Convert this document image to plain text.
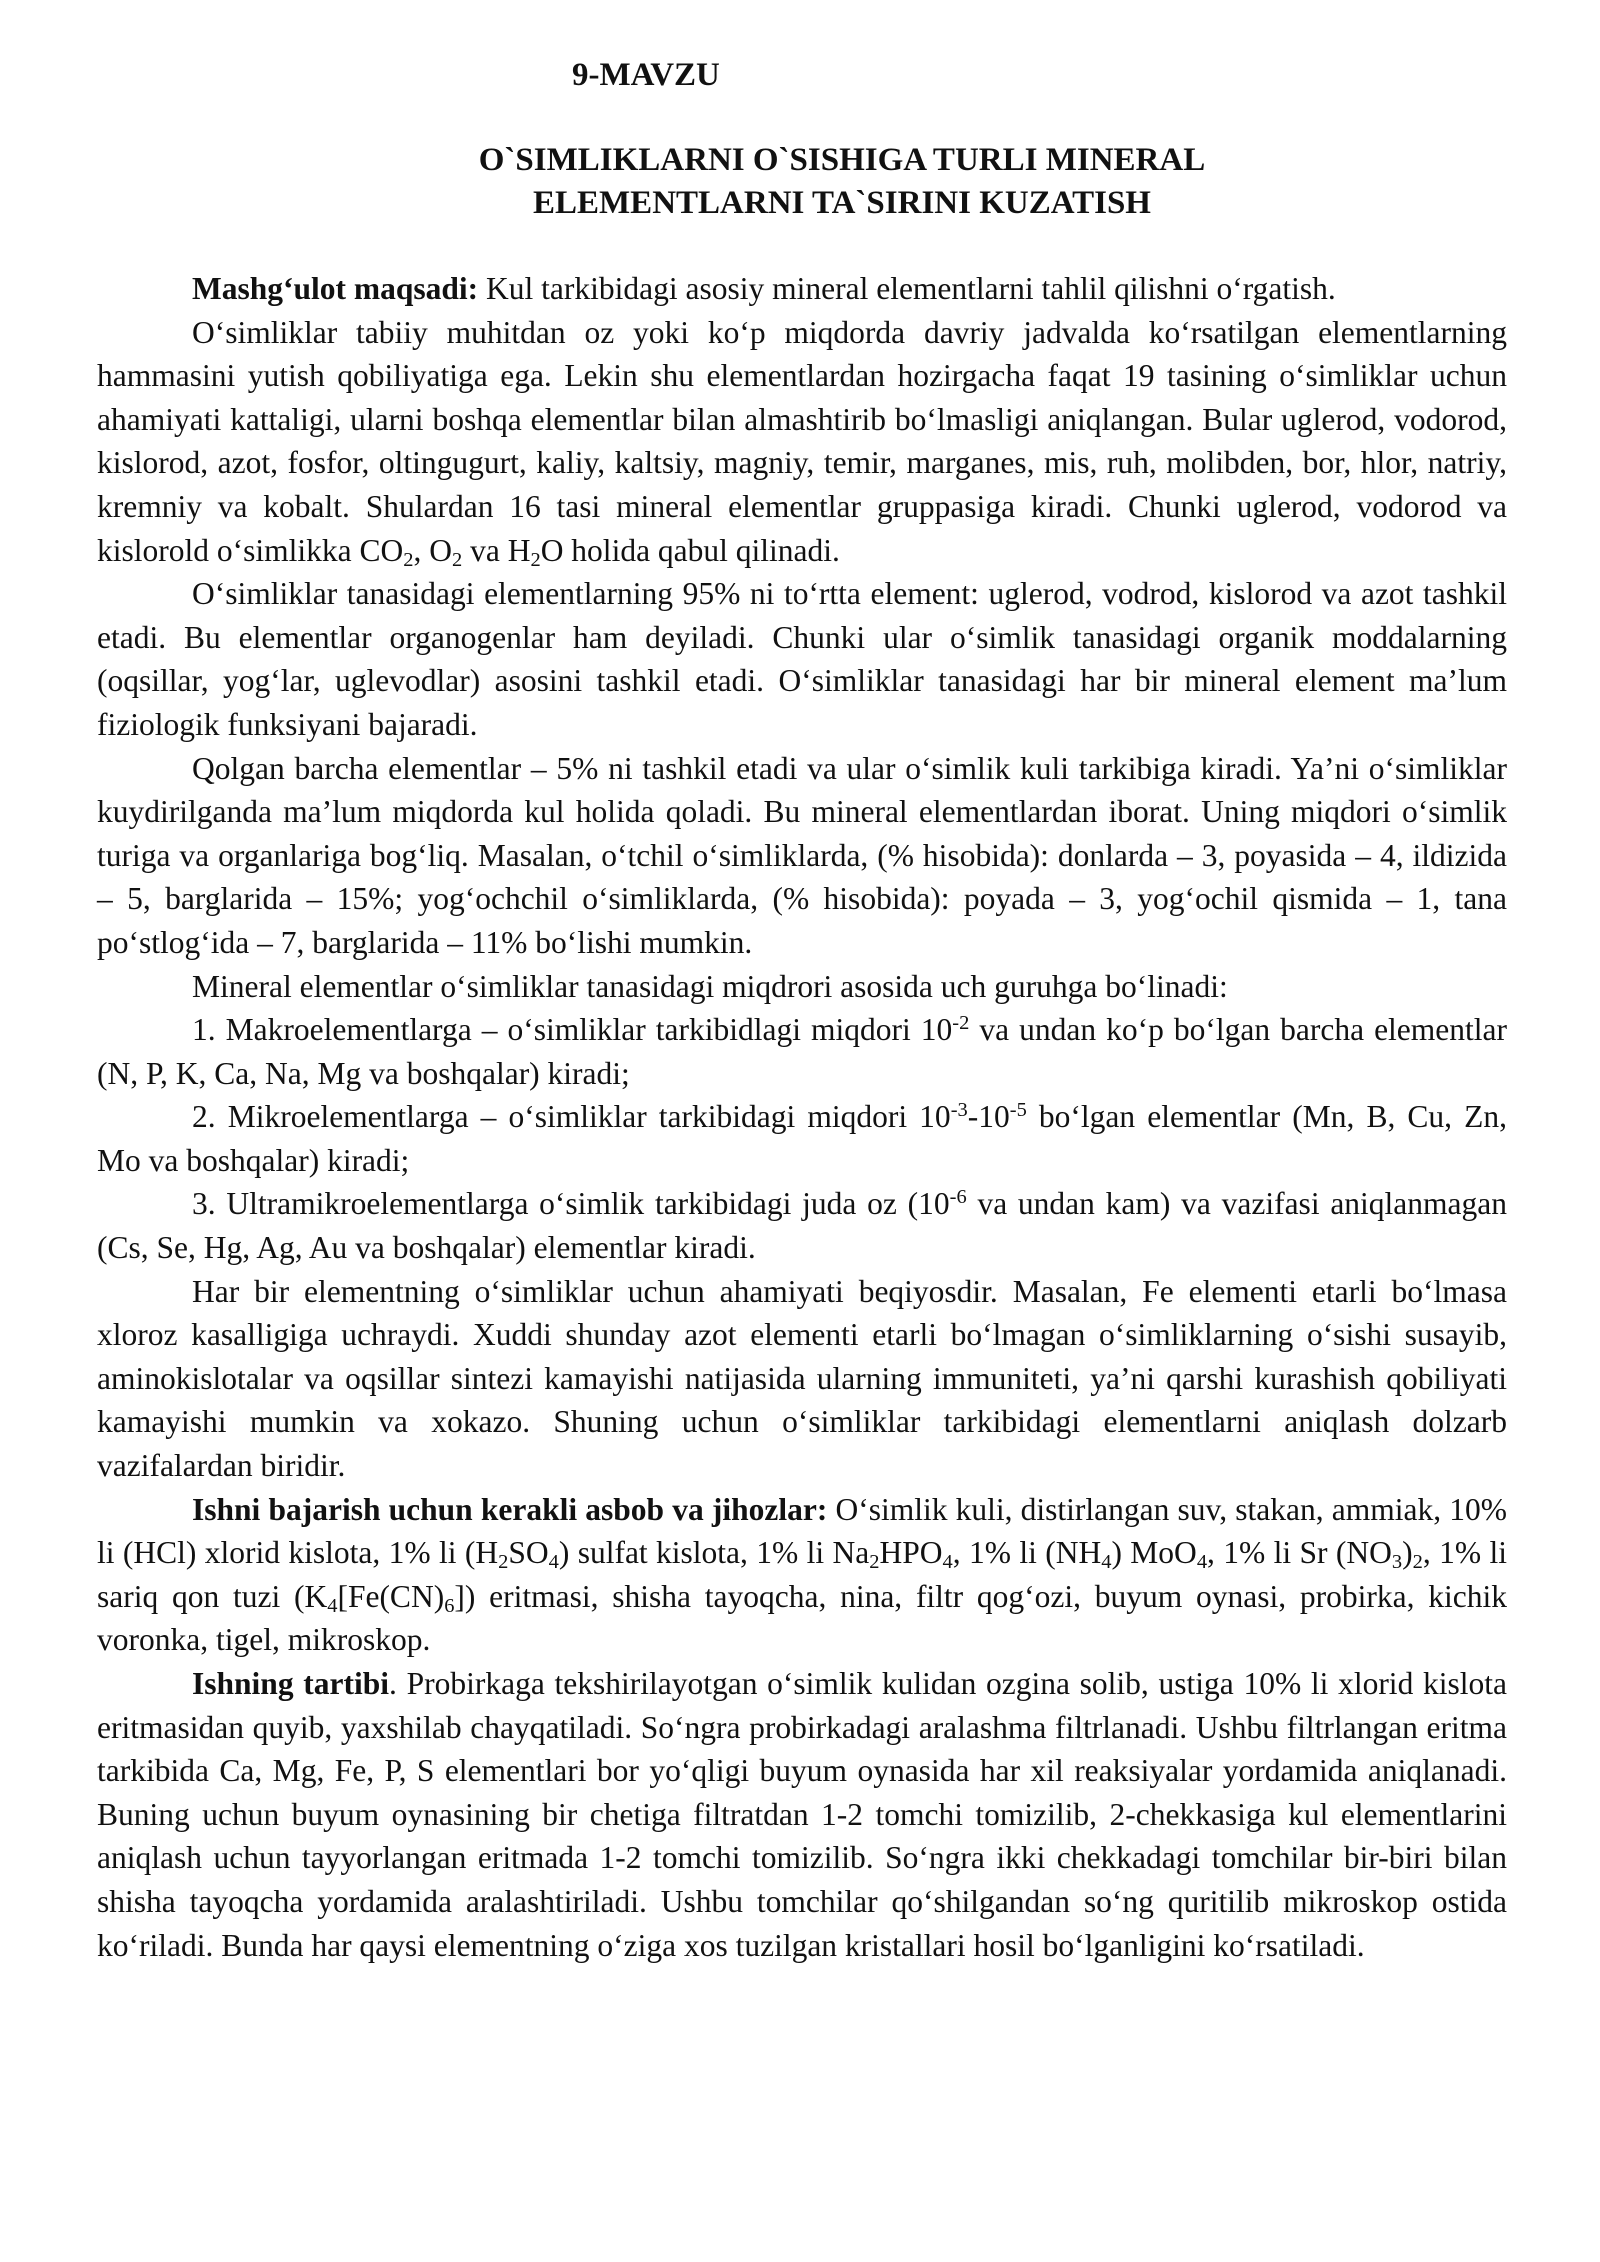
9-MAVZU
O`SIMLIKLARNI O`SISHIGA TURLI MINERAL
ELEMENTLARNI TA`SIRINI KUZATISH

Mashg‘ulot maqsadi: Kul tarkibidagi asosiy mineral elementlarni tahlil qilishni o‘rgatish.

O‘simliklar tabiiy muhitdan oz yoki ko‘p miqdorda davriy jadvalda ko‘rsatilgan elementlarning hammasini yutish qobiliyatiga ega. Lekin shu elementlardan hozirgacha faqat 19 tasining o‘simliklar uchun ahamiyati kattaligi, ularni boshqa elementlar bilan almashtirib bo‘lmasligi aniqlangan. Bular uglerod, vodorod, kislorod, azot, fosfor, oltingugurt, kaliy, kaltsiy, magniy, temir, marganes, mis, ruh, molibden, bor, hlor, natriy, kremniy va kobalt. Shulardan 16 tasi mineral elementlar gruppasiga kiradi. Chunki uglerod, vodorod va kislorold o‘simlikka $CO_2$, $O_2$ va $H_2O$ holida qabul qilinadi.

O‘simliklar tanasidagi elementlarning 95% ni to‘rtta element: uglerod, vodrod, kislorod va azot tashkil etadi. Bu elementlar organogenlar ham deyiladi. Chunki ular o‘simlik tanasidagi organik moddalarning (oqsillar, yog‘lar, uglevodlar) asosini tashkil etadi. O‘simliklar tanasidagi har bir mineral element ma’lum fiziologik funksiyani bajaradi.

Qolgan barcha elementlar – 5% ni tashkil etadi va ular o‘simlik kuli tarkibiga kiradi. Ya’ni o‘simliklar kuydirilganda ma’lum miqdorda kul holida qoladi. Bu mineral elementlardan iborat. Uning miqdori o‘simlik turiga va organlariga bog‘liq. Masalan, o‘tchil o‘simliklarda, (% hisobida): donlarda – 3, poyasida – 4, ildizida – 5, barglarida – 15%; yog‘ochchil o‘simliklarda, (% hisobida): poyada – 3, yog‘ochil qismida – 1, tana po‘stlog‘ida – 7, barglarida – 11% bo‘lishi mumkin.

Mineral elementlar o‘simliklar tanasidagi miqdrori asosida uch guruhga bo‘linadi:

1. Makroelementlarga – o‘simliklar tarkibidlagi miqdori $10^{-2}$ va undan ko‘p bo‘lgan barcha elementlar (N, P, K, Ca, Na, Mg va boshqalar) kiradi;

2. Mikroelementlarga – o‘simliklar tarkibidagi miqdori $10^{-3}-10^{-5}$ bo‘lgan elementlar (Mn, B, Cu, Zn, Mo va boshqalar) kiradi;

3. Ultramikroelementlarga o‘simlik tarkibidagi juda oz ($10^{-6}$ va undan kam) va vazifasi aniqlanmagan (Cs, Se, Hg, Ag, Au va boshqalar) elementlar kiradi.

Har bir elementning o‘simliklar uchun ahamiyati beqiyosdir. Masalan, Fe elementi etarli bo‘lmasa xloroz kasalligiga uchraydi. Xuddi shunday azot elementi etarli bo‘lmagan o‘simliklarning o‘sishi susayib, aminokislotalar va oqsillar sintezi kamayishi natijasida ularning immuniteti, ya’ni qarshi kurashish qobiliyati kamayishi mumkin va xokazo. Shuning uchun o‘simliklar tarkibidagi elementlarni aniqlash dolzarb vazifalardan biridir.

Ishni bajarish uchun kerakli asbob va jihozlar: O‘simlik kuli, distirlangan suv, stakan, ammiak, 10% li (HCl) xlorid kislota, 1% li $(H_2SO_4)$ sulfat kislota, 1% li $Na_2HPO_4$, 1% li $(NH_4)$ MoO$_4$, 1% li Sr $(NO_3)_2$, 1% li sariq qon tuzi $(K_4[Fe(CN)_6])$ eritmasi, shisha tayoqcha, nina, filtr qog‘ozi, buyum oynasi, probirka, kichik voronka, tigel, mikroskop.

Ishning tartibi. Probirkaga tekshirilayotgan o‘simlik kulidan ozgina solib, ustiga 10% li xlorid kislota eritmasidan quyib, yaxshilab chayqatiladi. So‘ngra probirkadagi aralashma filtrlanadi. Ushbu filtrlangan eritma tarkibida Ca, Mg, Fe, P, S elementlari bor yo‘qligi buyum oynasida har xil reaksiyalar yordamida aniqlanadi. Buning uchun buyum oynasining bir chetiga filtratdan 1-2 tomchi tomizilib, 2-chekkasiga kul elementlarini aniqlash uchun tayyorlangan eritmada 1-2 tomchi tomizilib. So‘ngra ikki chekkadagi tomchilar bir-biri bilan shisha tayoqcha yordamida aralashtiriladi. Ushbu tomchilar qo‘shilgandan so‘ng quritilib mikroskop ostida ko‘riladi. Bunda har qaysi elementning o‘ziga xos tuzilgan kristallari hosil bo‘lganligini ko‘rsatiladi.
